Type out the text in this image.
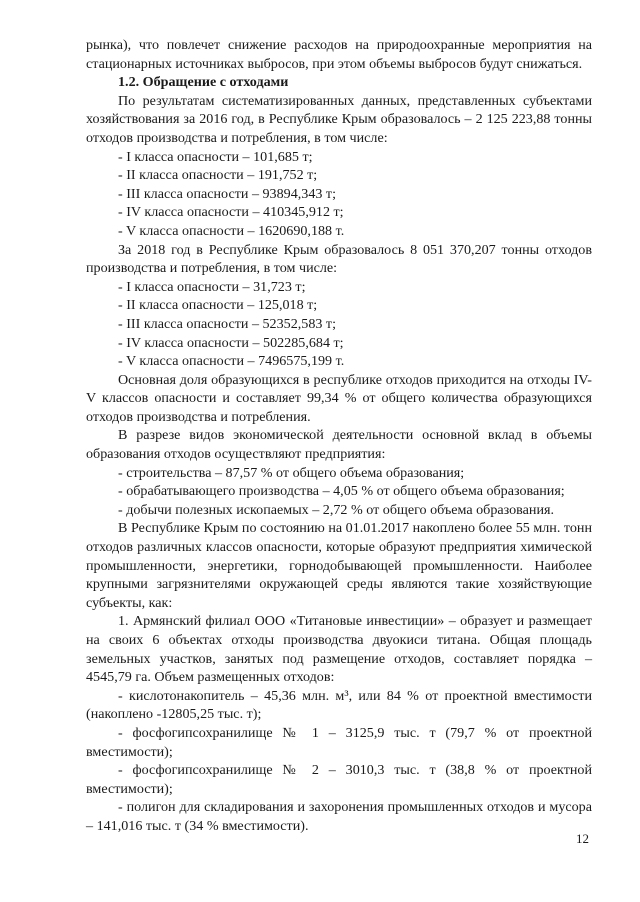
рынка), что повлечет снижение расходов на природоохранные мероприятия на стационарных источниках выбросов, при этом объемы выбросов будут снижаться.

1.2. Обращение с отходами

По результатам систематизированных данных, представленных субъектами хозяйствования за 2016 год, в Республике Крым образовалось – 2 125 223,88 тонны отходов производства и потребления, в том числе:

- I класса опасности – 101,685 т;

- II класса опасности – 191,752 т;

- III класса опасности – 93894,343 т;

- IV класса опасности – 410345,912 т;

- V класса опасности – 1620690,188 т.

За 2018 год в Республике Крым образовалось 8 051 370,207 тонны отходов производства и потребления, в том числе:

- I класса опасности – 31,723 т;

- II класса опасности – 125,018 т;

- III класса опасности – 52352,583 т;

- IV класса опасности – 502285,684 т;

- V класса опасности – 7496575,199 т.

Основная доля образующихся в республике отходов приходится на отходы IV-V классов опасности и составляет 99,34 % от общего количества образующихся отходов производства и потребления.

В разрезе видов экономической деятельности основной вклад в объемы образования отходов осуществляют предприятия:

- строительства – 87,57 % от общего объема образования;

- обрабатывающего производства – 4,05 % от общего объема образования;

- добычи полезных ископаемых – 2,72 % от общего объема образования.

В Республике Крым по состоянию на 01.01.2017 накоплено более 55 млн. тонн отходов различных классов опасности, которые образуют предприятия химической промышленности, энергетики, горнодобывающей промышленности. Наиболее крупными загрязнителями окружающей среды являются такие хозяйствующие субъекты, как:

1. Армянский филиал ООО «Титановые инвестиции» – образует и размещает на своих 6 объектах отходы производства двуокиси титана. Общая площадь земельных участков, занятых под размещение отходов, составляет порядка – 4545,79 га. Объем размещенных отходов:

- кислотонакопитель – 45,36 млн. м³, или 84 % от проектной вместимости (накоплено -12805,25 тыс. т);

- фосфогипсохранилище № 1 – 3125,9 тыс. т (79,7 % от проектной вместимости);

- фосфогипсохранилище № 2 – 3010,3 тыс. т (38,8 % от проектной вместимости);

- полигон для складирования и захоронения промышленных отходов и мусора – 141,016 тыс. т (34 % вместимости).

12
